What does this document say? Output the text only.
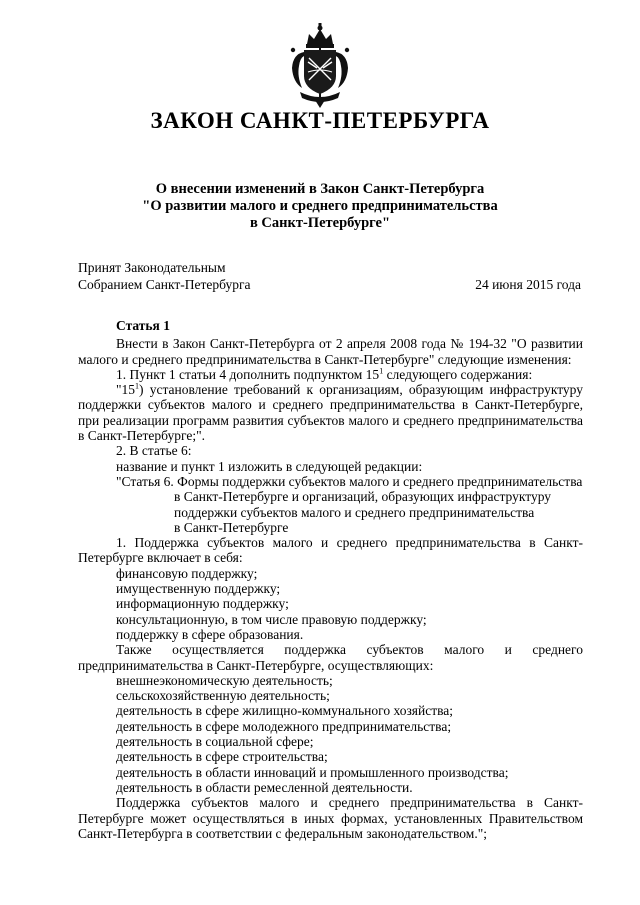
ЗАКОН САНКТ-ПЕТЕРБУРГА
О внесении изменений в Закон Санкт-Петербурга
"О развитии малого и среднего предпринимательства
в Санкт-Петербурге"
Принят Законодательным
Собранием Санкт-Петербурга	24 июня 2015 года

Статья 1

Внести в Закон Санкт-Петербурга от 2 апреля 2008 года № 194-32 "О развитии малого и среднего предпринимательства в Санкт-Петербурге" следующие изменения:

1. Пункт 1 статьи 4 дополнить подпунктом $15^1$ следующего содержания:

"$15^1$) установление требований к организациям, образующим инфраструктуру поддержки субъектов малого и среднего предпринимательства в Санкт-Петербурге, при реализации программ развития субъектов малого и среднего предпринимательства в Санкт-Петербурге;".

2. В статье 6:

название и пункт 1 изложить в следующей редакции:

"Статья 6. Формы поддержки субъектов малого и среднего предпринимательства

в Санкт-Петербурге и организаций, образующих инфраструктуру

поддержки субъектов малого и среднего предпринимательства

в Санкт-Петербурге

1. Поддержка субъектов малого и среднего предпринимательства в Санкт-Петербурге включает в себя:

финансовую поддержку;

имущественную поддержку;

информационную поддержку;

консультационную, в том числе правовую поддержку;

поддержку в сфере образования.

Также осуществляется поддержка субъектов малого и среднего предпринимательства в Санкт-Петербурге, осуществляющих:

внешнеэкономическую деятельность;

сельскохозяйственную деятельность;

деятельность в сфере жилищно-коммунального хозяйства;

деятельность в сфере молодежного предпринимательства;

деятельность в социальной сфере;

деятельность в сфере строительства;

деятельность в области инноваций и промышленного производства;

деятельность в области ремесленной деятельности.

Поддержка субъектов малого и среднего предпринимательства в Санкт-Петербурге может осуществляться в иных формах, установленных Правительством Санкт-Петербурга в соответствии с федеральным законодательством.";
